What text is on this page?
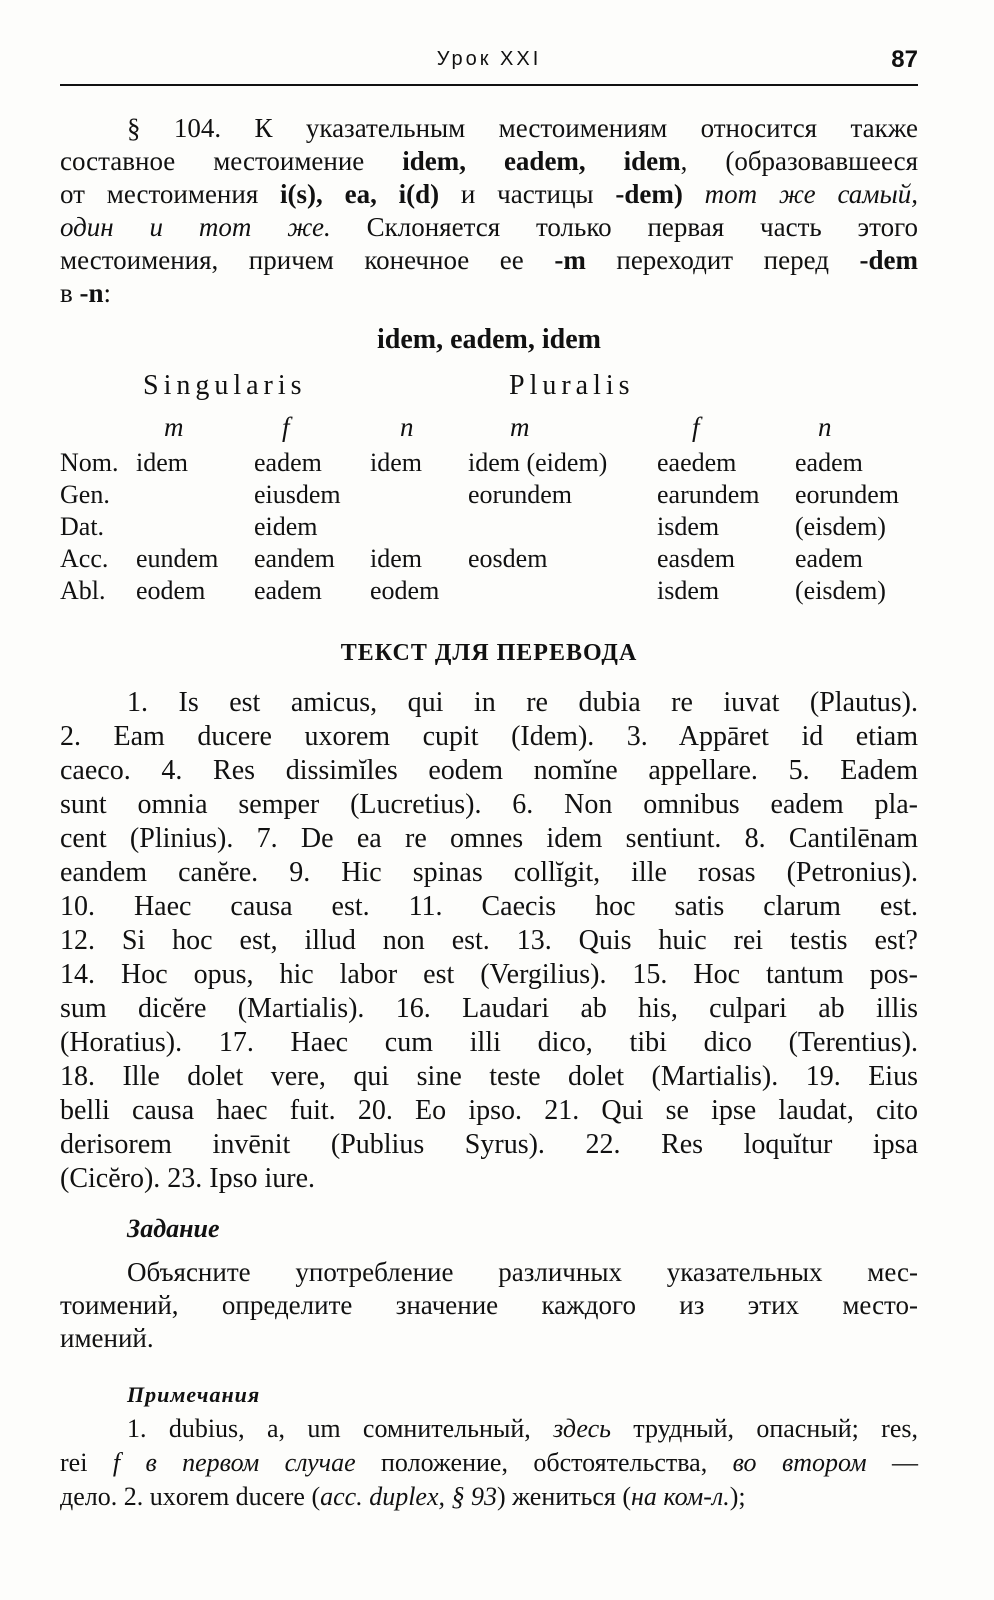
Урок XXI	87
§ 104. К указательным местоимениям относится также
составное местоимение idem, eadem, idem, (образовавшееся
от местоимения i(s), ea, i(d) и частицы -dem) тот же самый,
один и тот же. Склоняется только первая часть этого
местоимения, причем конечное ее -m переходит перед -dem
в -n:
idem, eadem, idem
Singularis	Pluralis
m	f	n	m	f	n
Nom.	idem	eadem	idem	idem (eidem)	eaedem	eadem
Gen.		eiusdem		eorundem	earundem	eorundem
Dat.		eidem			isdem	(eisdem)
Acc.	eundem	eandem	idem	eosdem	easdem	eadem
Abl.	eodem	eadem	eodem		isdem	(eisdem)
ТЕКСТ ДЛЯ ПЕРЕВОДА
1. Is est amicus, qui in re dubia re iuvat (Plautus).
2. Eam ducere uxorem cupit (Idem). 3. Appāret id etiam
caeco. 4. Res dissimĭles eodem nomĭne appellare. 5. Eadem
sunt omnia semper (Lucretius). 6. Non omnibus eadem pla-
cent (Plinius). 7. De ea re omnes idem sentiunt. 8. Cantilēnam
eandem canĕre. 9. Hic spinas collĭgit, ille rosas (Petronius).
10. Haec causa est. 11. Caecis hoc satis clarum est.
12. Si hoc est, illud non est. 13. Quis huic rei testis est?
14. Hoc opus, hic labor est (Vergilius). 15. Hoc tantum pos-
sum dicĕre (Martialis). 16. Laudari ab his, culpari ab illis
(Horatius). 17. Haec cum illi dico, tibi dico (Terentius).
18. Ille dolet vere, qui sine teste dolet (Martialis). 19. Eius
belli causa haec fuit. 20. Eo ipso. 21. Qui se ipse laudat, cito
derisorem invēnit (Publius Syrus). 22. Res loquĭtur ipsa
(Cicĕro). 23. Ipso iure.
Задание
Объясните употребление различных указательных мес-
тоимений, определите значение каждого из этих место-
имений.
Примечания
1. dubius, a, um сомнительный, здесь трудный, опасный; res,
rei f в первом случае положение, обстоятельства, во втором —
дело. 2. uxorem ducere (acc. duplex, § 93) жениться (на ком-л.);
